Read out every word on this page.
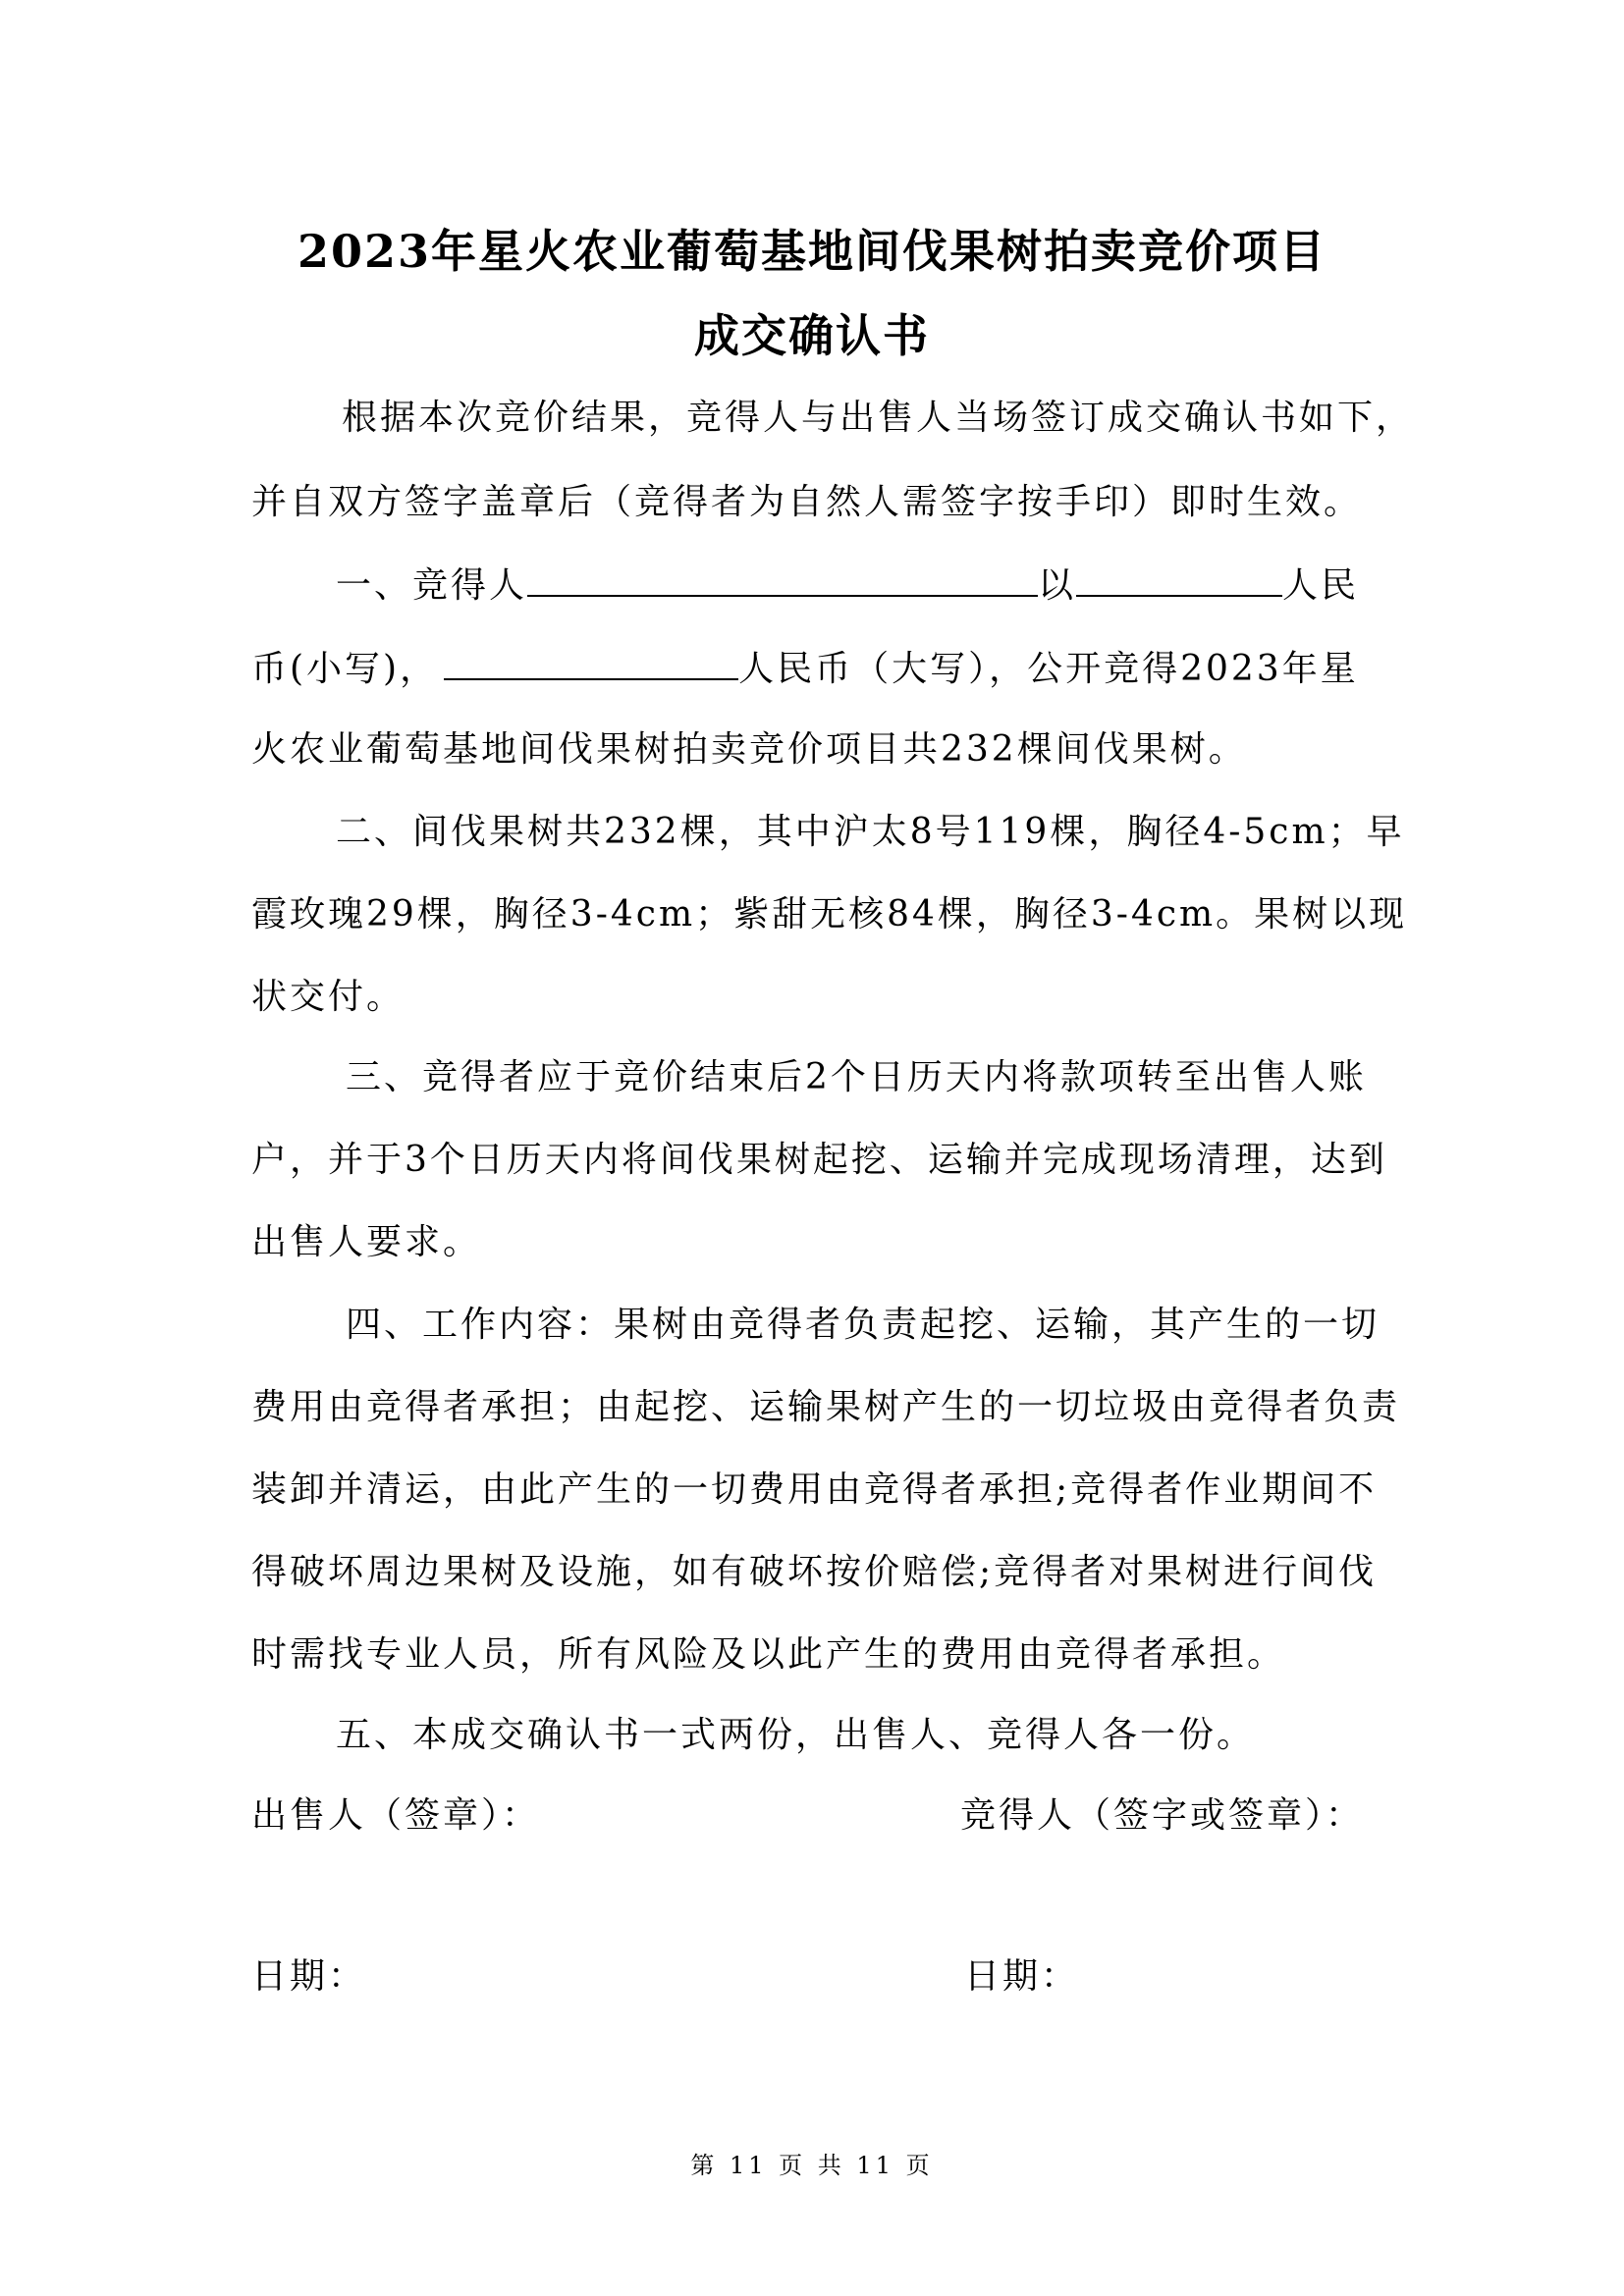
2023年星火农业葡萄基地间伐果树拍卖竞价项目
成交确认书
根据本次竞价结果，竞得人与出售人当场签订成交确认书如下，
并自双方签字盖章后（竞得者为自然人需签字按手印）即时生效。
一、竞得人	以	人民
币(小写)，	人民币（大写），公开竞得2023年星
火农业葡萄基地间伐果树拍卖竞价项目共232棵间伐果树。
二、间伐果树共232棵，其中沪太8号119棵，胸径4-5cm；早
霞玫瑰29棵，胸径3-4cm；紫甜无核84棵，胸径3-4cm。果树以现
状交付。
三、竞得者应于竞价结束后2个日历天内将款项转至出售人账
户，并于3个日历天内将间伐果树起挖、运输并完成现场清理，达到
出售人要求。
四、工作内容：果树由竞得者负责起挖、运输，其产生的一切
费用由竞得者承担；由起挖、运输果树产生的一切垃圾由竞得者负责
装卸并清运，由此产生的一切费用由竞得者承担;竞得者作业期间不
得破坏周边果树及设施，如有破坏按价赔偿;竞得者对果树进行间伐
时需找专业人员，所有风险及以此产生的费用由竞得者承担。
五、本成交确认书一式两份，出售人、竞得人各一份。
出售人（签章）：	竞得人（签字或签章）：
日期：	日期：
第 11 页 共 11 页
